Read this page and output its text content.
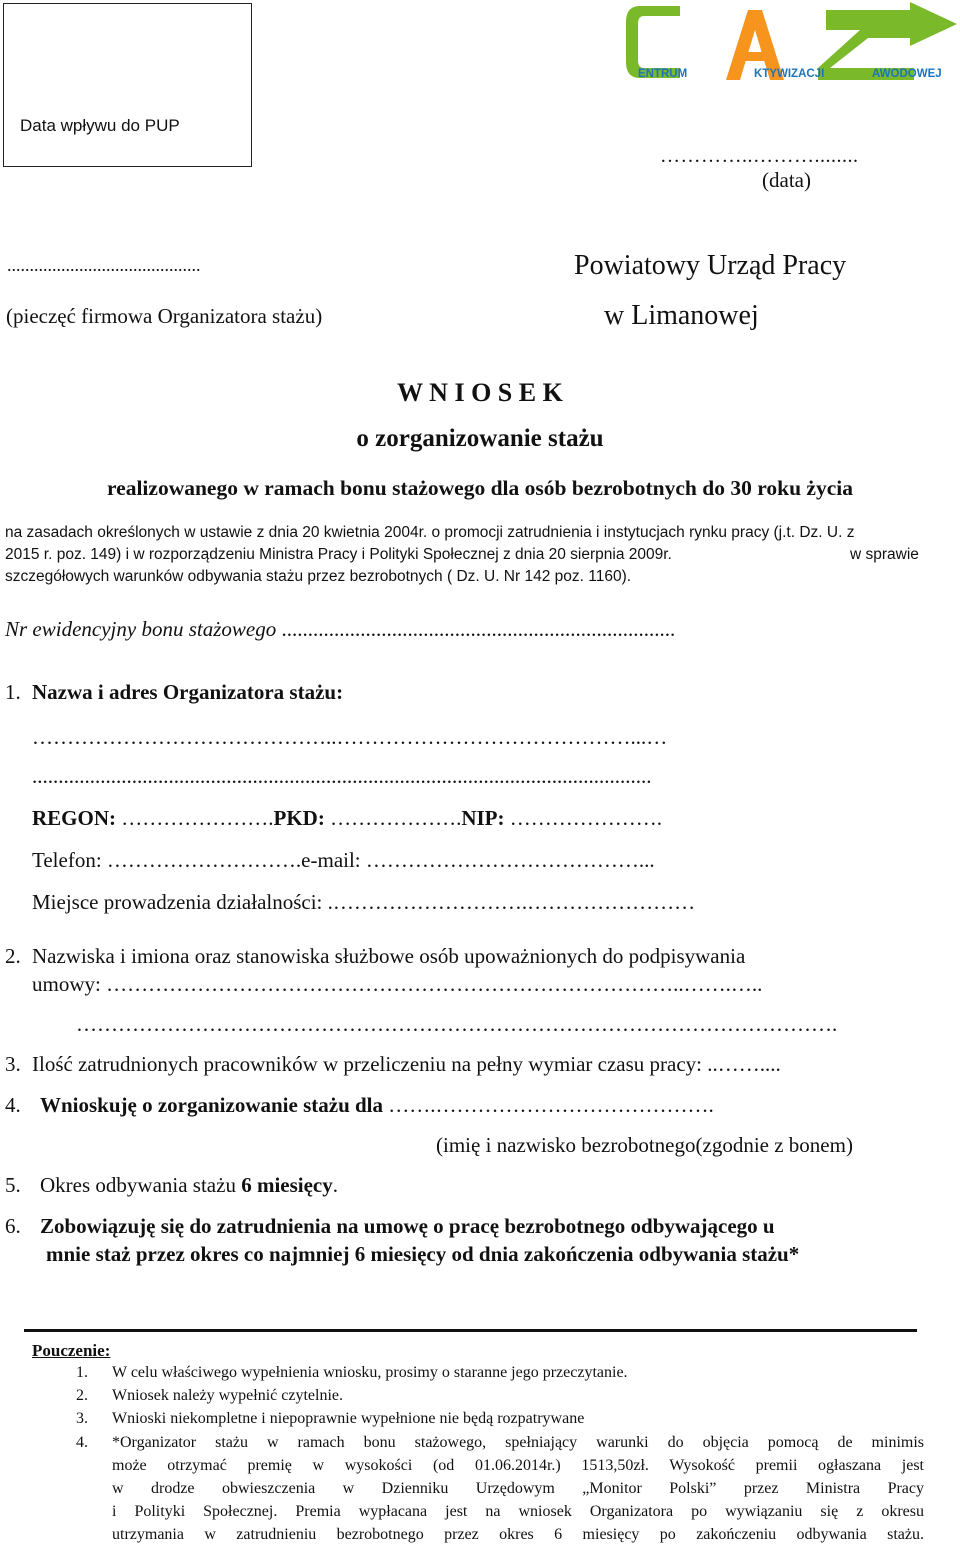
Data wpływu do PUP
ENTRUM	KTYWIZACJI	AWODOWEJ
…………..………........
(data)
...........................................
(pieczęć firmowa Organizatora stażu)
Powiatowy Urząd Pracy
w Limanowej
W N I O S E K
o zorganizowanie stażu
realizowanego w ramach bonu stażowego dla osób bezrobotnych do 30 roku życia
na zasadach określonych w ustawie z dnia 20 kwietnia 2004r. o promocji zatrudnienia i instytucjach rynku pracy (j.t. Dz. U. z
2015 r. poz. 149) i w rozporządzeniu Ministra Pracy i Polityki Społecznej z dnia 20 sierpnia 2009r.	w sprawie
szczegółowych warunków odbywania stażu przez bezrobotnych ( Dz. U. Nr 142 poz. 1160).
Nr ewidencyjny bonu stażowego ...........................................................................
1. Nazwa i adres Organizatora stażu:
……………………………………..……………………………………...…
......................................................................................................................
REGON: ………………….PKD: ……………….NIP: ………………….
Telefon: ……………………….e-mail: …………………………………...
Miejsce prowadzenia działalności: .……………………….……………………
2. Nazwiska i imiona oraz stanowiska służbowe osób upoważnionych do podpisywania
umowy: ………………………………………………………………………..…….…..
……………………………………………………………………………………………….
3. Ilość zatrudnionych pracowników w przeliczeniu na pełny wymiar czasu pracy: ..……....
4. Wnioskuję o zorganizowanie stażu dla …….………………………………….
(imię i nazwisko bezrobotnego(zgodnie z bonem)
5. Okres odbywania stażu 6 miesięcy.
6. Zobowiązuję się do zatrudnienia na umowę o pracę bezrobotnego odbywającego u
mnie staż przez okres co najmniej 6 miesięcy od dnia zakończenia odbywania stażu*
Pouczenie:
1. W celu właściwego wypełnienia wniosku, prosimy o staranne jego przeczytanie.
2. Wniosek należy wypełnić czytelnie.
3. Wnioski niekompletne i niepoprawnie wypełnione nie będą rozpatrywane
4. *Organizator stażu w ramach bonu stażowego, spełniający warunki do objęcia pomocą de minimis
może otrzymać premię w wysokości (od 01.06.2014r.) 1513,50zł. Wysokość premii ogłaszana jest
w drodze obwieszczenia w Dzienniku Urzędowym „Monitor Polski” przez Ministra Pracy
i Polityki Społecznej. Premia wypłacana jest na wniosek Organizatora po wywiązaniu się z okresu
utrzymania w zatrudnieniu bezrobotnego przez okres 6 miesięcy po zakończeniu odbywania stażu.
